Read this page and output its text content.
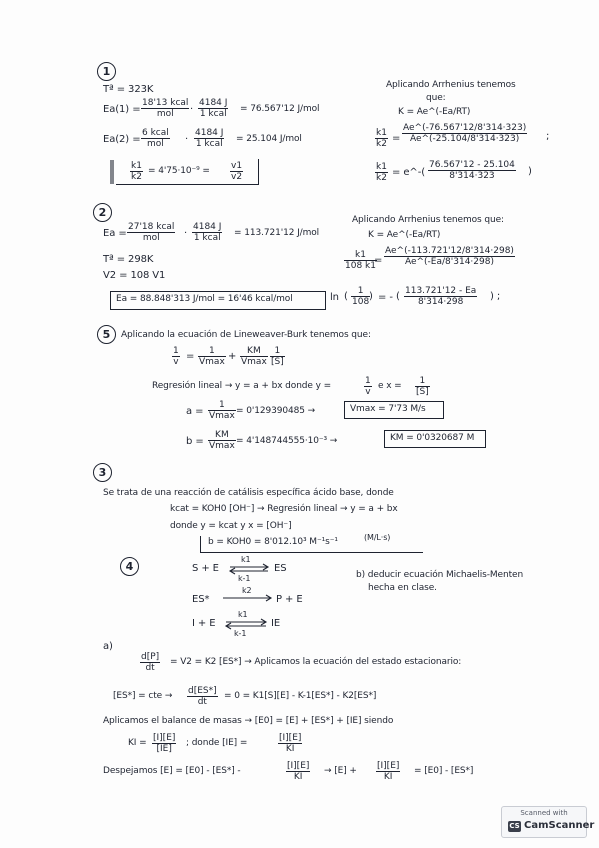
1
Tª = 323K
Ea(1) =
18'13 kcal
mol	·
4184 J
1 kcal = 76.567'12 J/mol
Ea(2) =
6 kcal
mol	·
4184 J
1 kcal = 25.104 J/mol
$\frac{k1}{k2} = 4'75\cdot 10^{-9} = \frac{v1}{v2}$
Aplicando Arrhenius tenemos
que:
K = Ae^(-Ea/RT)
$\frac{k1}{k2} = \frac{Ae\^{}(-76.567'12/8'314\cdot 323)}{Ae\^{}(-25.104/8'314\cdot 323)}$ ;
$\frac{k1}{k2}$ = e^-( $\frac{76.567'12 - 25.104}{8'314\cdot 323}$ )
2
Ea =
27'18 kcal
mol	·
4184 J
1 kcal = 113.721'12 J/mol
Tª = 298K
V2 = 108 V1
Ea = 88.848'313 J/mol = 16'46 kcal/mol
Aplicando Arrhenius tenemos que:
K = Ae^(-Ea/RT)
$\frac{k1}{108 k1}$
= $\frac{Ae\^{}(-113.721'12/8'314\cdot 298)}{Ae\^{}(-Ea/8'314\cdot 298)}$
ln ( $\frac{1}{108}$
) = - ( $\frac{113.721'12 - Ea}{8'314\cdot 298}$ ) ;
5	Aplicando la ecuación de Lineweaver-Burk tenemos que:
$\frac{1}{v}$ =	1
Vmax +	KM
Vmax $\frac{1}{[S]}$
Regresión lineal → y = a + bx donde y =	$\frac{1}{v}$ e $x = \frac{1}{[S]}$
a =
1
Vmax = 0'129390485 →	Vmax = 7'73 M/s
b =
KM
Vmax = 4'148744555·10⁻³ →	KM = 0'0320687 M
3
Se trata de una reacción de catálisis específica ácido base, donde
kcat = KOH0 [OH⁻] → Regresión lineal → y = a + bx
donde y = kcat y x = [OH⁻]
b = KOH0 = 8'012.10³ M⁻¹s⁻¹	(M/L·s)
4	S + E
k1
k-1
ES
ES*
k2
P + E
I + E
k1
k-1
IE
b) deducir ecuación Michaelis-Menten
hecha en clase.
a)
$\frac{d[P]}{dt} = V2 = K2$ [ES*] → Aplicamos la ecuación del estado estacionario:
[ES*] = cte → $\frac{d[ES*]}{dt} = 0 = K1[S][E] - K-1[ES*] - K2[ES*]$
Aplicamos el balance de masas → [E0] = [E] + [ES*] + [IE] siendo
KI = $\frac{[I][E]}{[IE]}$ ; donde [IE] =	$\frac{[I][E]}{KI}$
Despejamos [E] = [E0] - [ES*] -	$\frac{[I][E]}{KI} \to [E] + \frac{[I][E]}{KI} = [E0] - [ES*]$
Scanned with
CS CamScanner
